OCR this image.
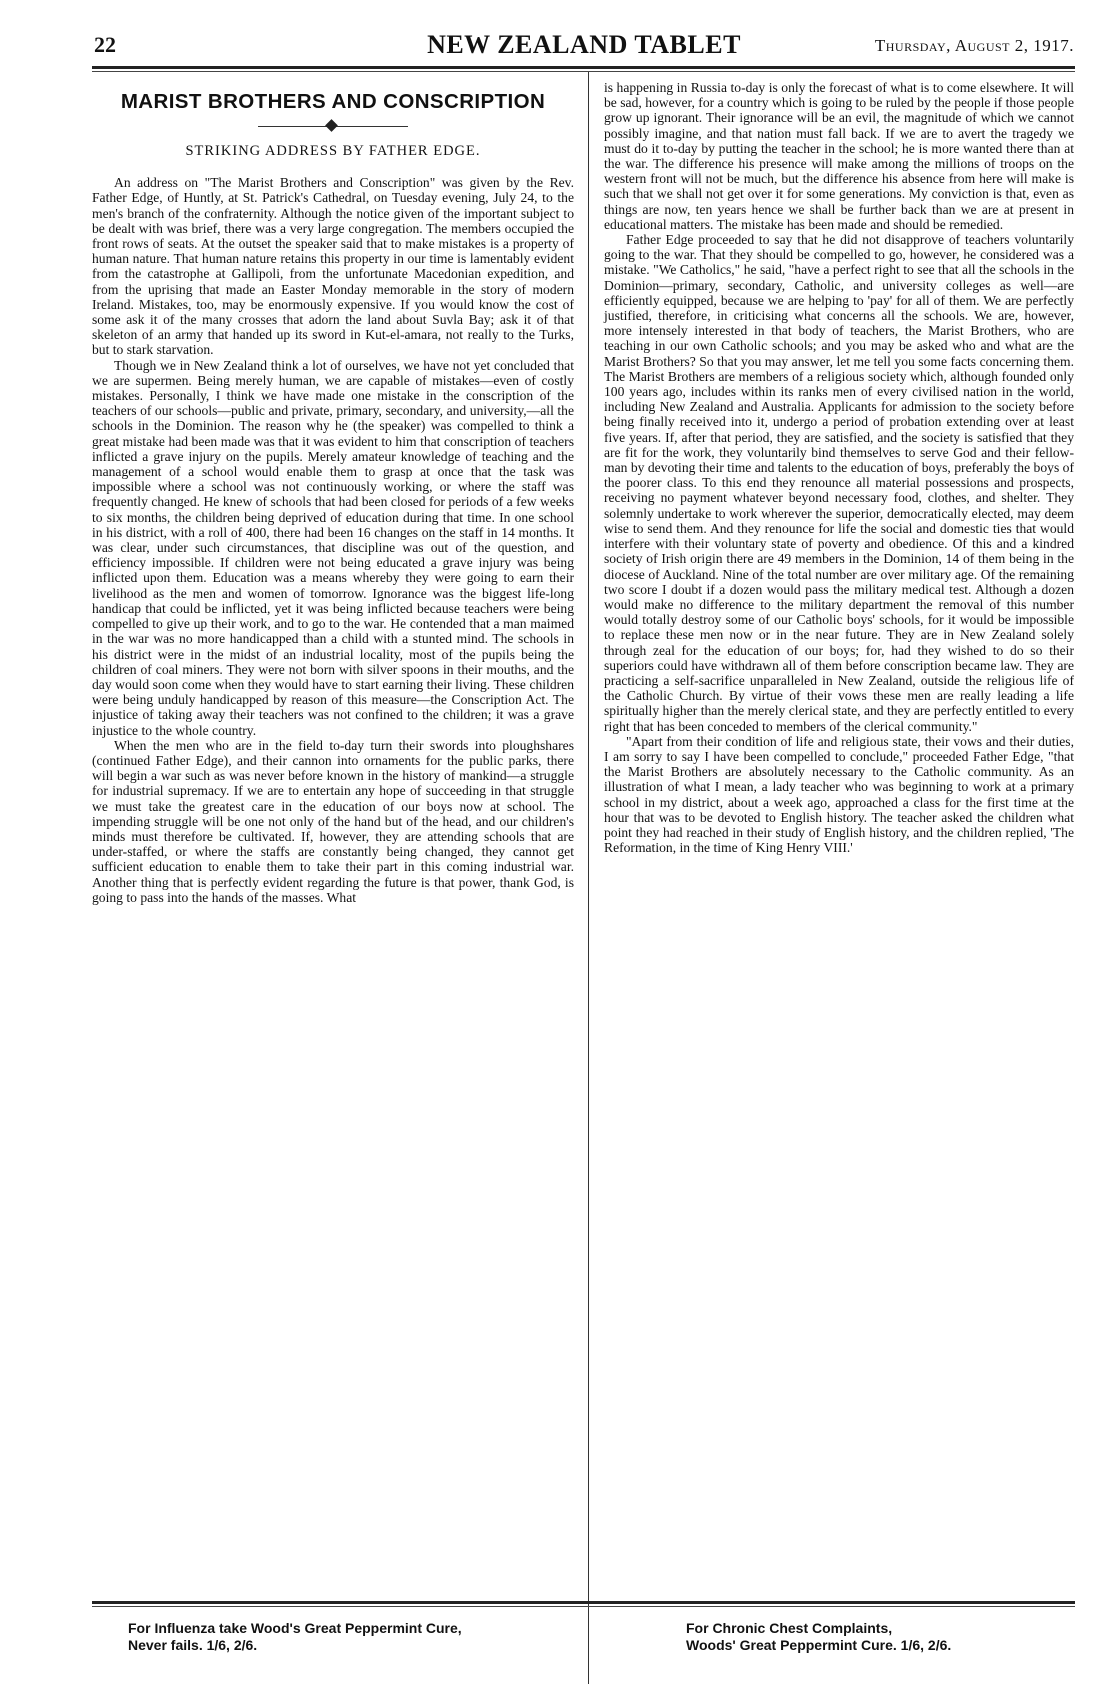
22	NEW ZEALAND TABLET	Thursday, August 2, 1917.
MARIST BROTHERS AND CONSCRIPTION
STRIKING ADDRESS BY FATHER EDGE.

An address on "The Marist Brothers and Conscription" was given by the Rev. Father Edge, of Huntly, at St. Patrick's Cathedral, on Tuesday evening, July 24, to the men's branch of the confraternity. Although the notice given of the important subject to be dealt with was brief, there was a very large congregation. The members occupied the front rows of seats. At the outset the speaker said that to make mistakes is a property of human nature. That human nature retains this property in our time is lamentably evident from the catastrophe at Gallipoli, from the unfortunate Macedonian expedition, and from the uprising that made an Easter Monday memorable in the story of modern Ireland. Mistakes, too, may be enormously expensive. If you would know the cost of some ask it of the many crosses that adorn the land about Suvla Bay; ask it of that skeleton of an army that handed up its sword in Kut-el-amara, not really to the Turks, but to stark starvation.

Though we in New Zealand think a lot of ourselves, we have not yet concluded that we are supermen. Being merely human, we are capable of mistakes—even of costly mistakes. Personally, I think we have made one mistake in the conscription of the teachers of our schools—public and private, primary, secondary, and university,—all the schools in the Dominion. The reason why he (the speaker) was compelled to think a great mistake had been made was that it was evident to him that conscription of teachers inflicted a grave injury on the pupils. Merely amateur knowledge of teaching and the management of a school would enable them to grasp at once that the task was impossible where a school was not continuously working, or where the staff was frequently changed. He knew of schools that had been closed for periods of a few weeks to six months, the children being deprived of education during that time. In one school in his district, with a roll of 400, there had been 16 changes on the staff in 14 months. It was clear, under such circumstances, that discipline was out of the question, and efficiency impossible. If children were not being educated a grave injury was being inflicted upon them. Education was a means whereby they were going to earn their livelihood as the men and women of tomorrow. Ignorance was the biggest life-long handicap that could be inflicted, yet it was being inflicted because teachers were being compelled to give up their work, and to go to the war. He contended that a man maimed in the war was no more handicapped than a child with a stunted mind. The schools in his district were in the midst of an industrial locality, most of the pupils being the children of coal miners. They were not born with silver spoons in their mouths, and the day would soon come when they would have to start earning their living. These children were being unduly handicapped by reason of this measure—the Conscription Act. The injustice of taking away their teachers was not confined to the children; it was a grave injustice to the whole country.

When the men who are in the field to-day turn their swords into ploughshares (continued Father Edge), and their cannon into ornaments for the public parks, there will begin a war such as was never before known in the history of mankind—a struggle for industrial supremacy. If we are to entertain any hope of succeeding in that struggle we must take the greatest care in the education of our boys now at school. The impending struggle will be one not only of the hand but of the head, and our children's minds must therefore be cultivated. If, however, they are attending schools that are under-staffed, or where the staffs are constantly being changed, they cannot get sufficient education to enable them to take their part in this coming industrial war. Another thing that is perfectly evident regarding the future is that power, thank God, is going to pass into the hands of the masses. What

is happening in Russia to-day is only the forecast of what is to come elsewhere. It will be sad, however, for a country which is going to be ruled by the people if those people grow up ignorant. Their ignorance will be an evil, the magnitude of which we cannot possibly imagine, and that nation must fall back. If we are to avert the tragedy we must do it to-day by putting the teacher in the school; he is more wanted there than at the war. The difference his presence will make among the millions of troops on the western front will not be much, but the difference his absence from here will make is such that we shall not get over it for some generations. My conviction is that, even as things are now, ten years hence we shall be further back than we are at present in educational matters. The mistake has been made and should be remedied.

Father Edge proceeded to say that he did not disapprove of teachers voluntarily going to the war. That they should be compelled to go, however, he considered was a mistake. "We Catholics," he said, "have a perfect right to see that all the schools in the Dominion—primary, secondary, Catholic, and university colleges as well—are efficiently equipped, because we are helping to 'pay' for all of them. We are perfectly justified, therefore, in criticising what concerns all the schools. We are, however, more intensely interested in that body of teachers, the Marist Brothers, who are teaching in our own Catholic schools; and you may be asked who and what are the Marist Brothers? So that you may answer, let me tell you some facts concerning them. The Marist Brothers are members of a religious society which, although founded only 100 years ago, includes within its ranks men of every civilised nation in the world, including New Zealand and Australia. Applicants for admission to the society before being finally received into it, undergo a period of probation extending over at least five years. If, after that period, they are satisfied, and the society is satisfied that they are fit for the work, they voluntarily bind themselves to serve God and their fellow-man by devoting their time and talents to the education of boys, preferably the boys of the poorer class. To this end they renounce all material possessions and prospects, receiving no payment whatever beyond necessary food, clothes, and shelter. They solemnly undertake to work wherever the superior, democratically elected, may deem wise to send them. And they renounce for life the social and domestic ties that would interfere with their voluntary state of poverty and obedience. Of this and a kindred society of Irish origin there are 49 members in the Dominion, 14 of them being in the diocese of Auckland. Nine of the total number are over military age. Of the remaining two score I doubt if a dozen would pass the military medical test. Although a dozen would make no difference to the military department the removal of this number would totally destroy some of our Catholic boys' schools, for it would be impossible to replace these men now or in the near future. They are in New Zealand solely through zeal for the education of our boys; for, had they wished to do so their superiors could have withdrawn all of them before conscription became law. They are practicing a self-sacrifice unparalleled in New Zealand, outside the religious life of the Catholic Church. By virtue of their vows these men are really leading a life spiritually higher than the merely clerical state, and they are perfectly entitled to every right that has been conceded to members of the clerical community."

"Apart from their condition of life and religious state, their vows and their duties, I am sorry to say I have been compelled to conclude," proceeded Father Edge, "that the Marist Brothers are absolutely necessary to the Catholic community. As an illustration of what I mean, a lady teacher who was beginning to work at a primary school in my district, about a week ago, approached a class for the first time at the hour that was to be devoted to English history. The teacher asked the children what point they had reached in their study of English history, and the children replied, 'The Reformation, in the time of King Henry VIII.'

For Influenza take Wood's Great Peppermint Cure,
Never fails. 1/6, 2/6.
For Chronic Chest Complaints,
Woods' Great Peppermint Cure. 1/6, 2/6.
